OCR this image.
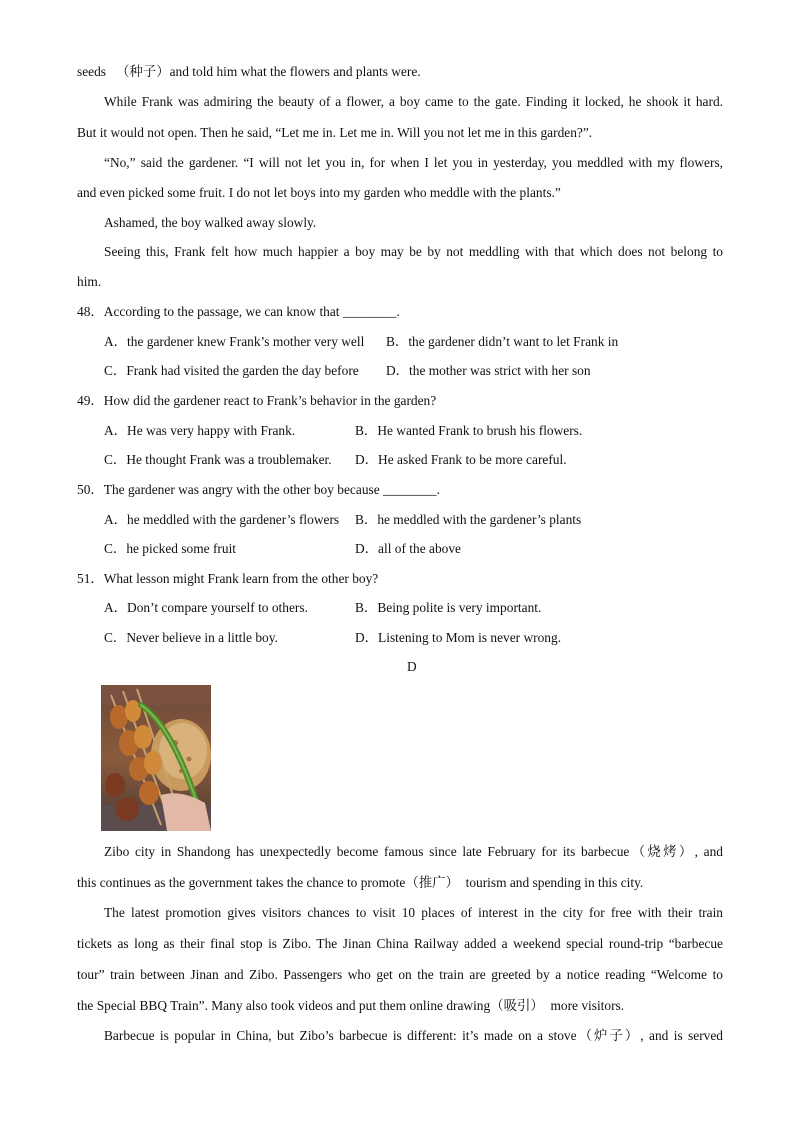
seeds 　（种子）and told him what the flowers and plants were.
While Frank was admiring the beauty of a flower, a boy came to the gate. Finding it locked, he shook it hard.
But it would not open. Then he said, “Let me in. Let me in. Will you not let me in this garden?”.
“No,” said the gardener. “I will not let you in, for when I let you in yesterday, you meddled with my flowers,
and even picked some fruit. I do not let boys into my garden who meddle with the plants.”
Ashamed, the boy walked away slowly.
Seeing this, Frank felt how much happier a boy may be by not meddling with that which does not belong to
him.
48．According to the passage, we can know that ________.
A．the gardener knew Frank’s mother very well B．the gardener didn’t want to let Frank in
C．Frank had visited the garden the day before D．the mother was strict with her son
49．How did the gardener react to Frank’s behavior in the garden?
A．He was very happy with Frank.	B．He wanted Frank to brush his flowers.
C．He thought Frank was a troublemaker. D．He asked Frank to be more careful.
50．The gardener was angry with the other boy because ________.
A．he meddled with the gardener’s flowers B．he meddled with the gardener’s plants
C．he picked some fruit	D．all of the above
51．What lesson might Frank learn from the other boy?
A．Don’t compare yourself to others.	B．Being polite is very important.
C．Never believe in a little boy.	D．Listening to Mom is never wrong.
D
Zibo city in Shandong has unexpectedly become famous since late February for its barbecue（烧烤）, and
this continues as the government takes the chance to promote（推广）　tourism and spending in this city.
The latest promotion gives visitors chances to visit 10 places of interest in the city for free with their train
tickets as long as their final stop is Zibo. The Jinan China Railway added a weekend special round-trip “barbecue
tour” train between Jinan and Zibo. Passengers who get on the train are greeted by a notice reading “Welcome to
the Special BBQ Train”. Many also took videos and put them online drawing（吸引）　more visitors.
Barbecue is popular in China, but Zibo’s barbecue is different: it’s made on a stove（炉子）, and is served
